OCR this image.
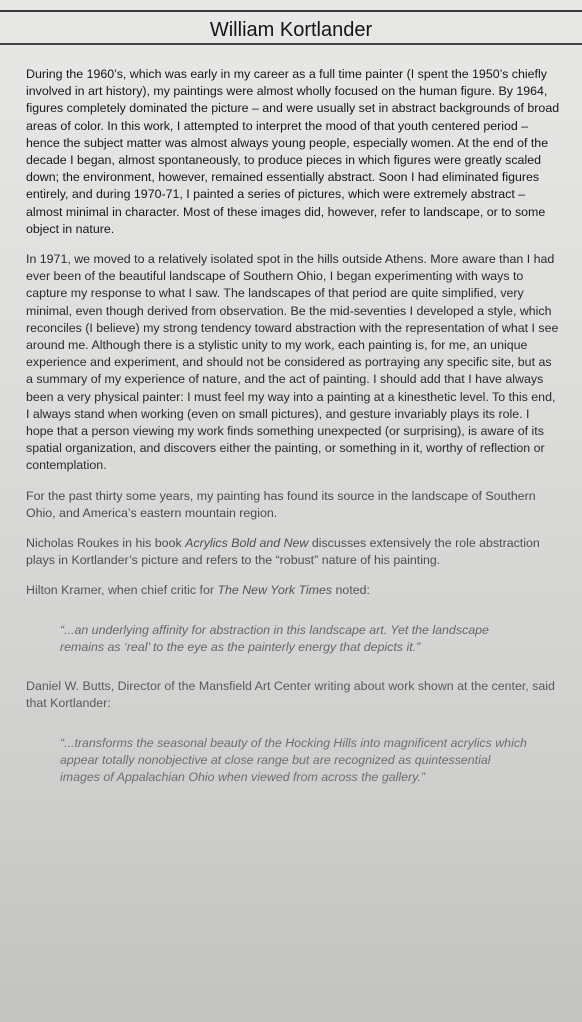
William Kortlander

During the 1960’s, which was early in my career as a full time painter (I spent the 1950’s chiefly involved in art history), my paintings were almost wholly focused on the human figure. By 1964, figures completely dominated the picture – and were usually set in abstract backgrounds of broad areas of color. In this work, I attempted to interpret the mood of that youth centered period – hence the subject matter was almost always young people, especially women. At the end of the decade I began, almost spontaneously, to produce pieces in which figures were greatly scaled down; the environment, however, remained essentially abstract. Soon I had eliminated figures entirely, and during 1970-71, I painted a series of pictures, which were extremely abstract – almost minimal in character. Most of these images did, however, refer to landscape, or to some object in nature.

In 1971, we moved to a relatively isolated spot in the hills outside Athens. More aware than I had ever been of the beautiful landscape of Southern Ohio, I began experimenting with ways to capture my response to what I saw. The landscapes of that period are quite simplified, very minimal, even though derived from observation. Be the mid-seventies I developed a style, which reconciles (I believe) my strong tendency toward abstraction with the representation of what I see around me. Although there is a stylistic unity to my work, each painting is, for me, an unique experience and experiment, and should not be considered as portraying any specific site, but as a summary of my experience of nature, and the act of painting. I should add that I have always been a very physical painter: I must feel my way into a painting at a kinesthetic level. To this end, I always stand when working (even on small pictures), and gesture invariably plays its role. I hope that a person viewing my work finds something unexpected (or surprising), is aware of its spatial organization, and discovers either the painting, or something in it, worthy of reflection or contemplation.

For the past thirty some years, my painting has found its source in the landscape of Southern Ohio, and America’s eastern mountain region.

Nicholas Roukes in his book Acrylics Bold and New discusses extensively the role abstraction plays in Kortlander’s picture and refers to the “robust” nature of his painting.

Hilton Kramer, when chief critic for The New York Times noted:

“...an underlying affinity for abstraction in this landscape art. Yet the landscape remains as ‘real’ to the eye as the painterly energy that depicts it.”

Daniel W. Butts, Director of the Mansfield Art Center writing about work shown at the center, said that Kortlander:

“...transforms the seasonal beauty of the Hocking Hills into magnificent acrylics which appear totally nonobjective at close range but are recognized as quintessential images of Appalachian Ohio when viewed from across the gallery.”
